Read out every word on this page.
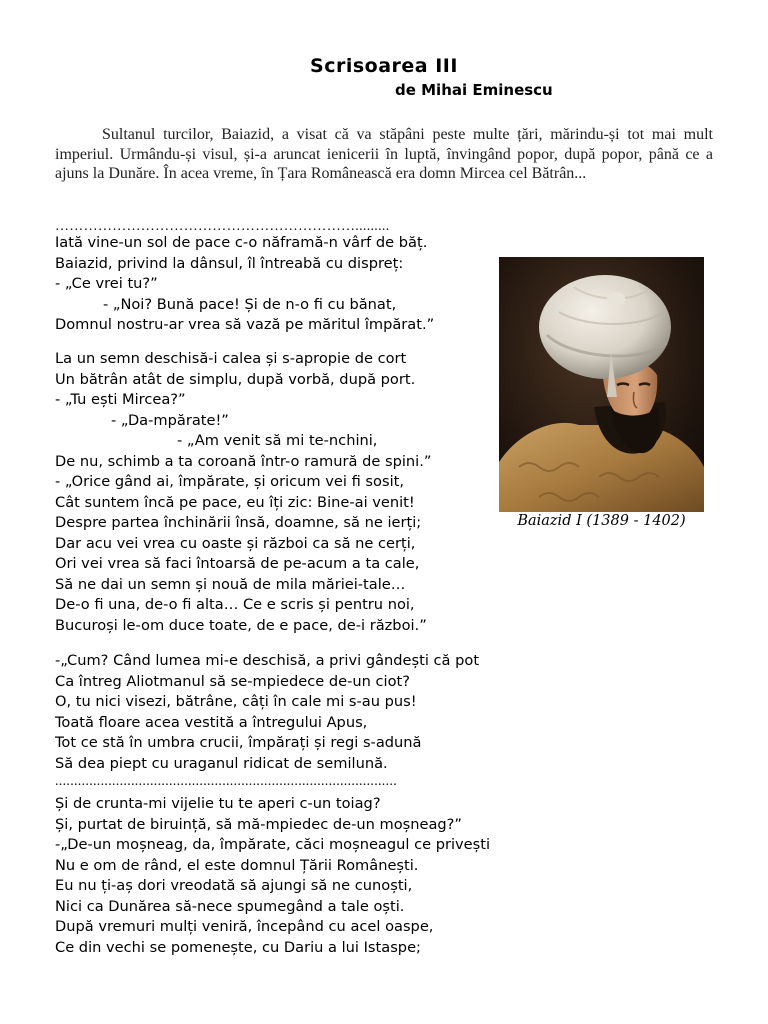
Scrisoarea III
de Mihai Eminescu

Sultanul turcilor, Baiazid, a visat că va stăpâni peste multe țări, mărindu-și tot mai mult imperiul. Urmându-și visul, și-a aruncat ienicerii în luptă, învingând popor, după popor, până ce a ajuns la Dunăre. În acea vreme, în Țara Românească era domn Mircea cel Bătrân...

……………………………………………………….........
Iată vine-un sol de pace c-o năframă-n vârf de băț.
Baiazid, privind la dânsul, îl întreabă cu dispreț:
- „Ce vrei tu?”
- „Noi? Bună pace! Și de n-o fi cu bănat,
Domnul nostru-ar vrea să vază pe măritul împărat.”
La un semn deschisă-i calea și s-apropie de cort
Un bătrân atât de simplu, după vorbă, după port.
- „Tu ești Mircea?”
- „Da-mpărate!”
- „Am venit să mi te-nchini,
De nu, schimb a ta coroană într-o ramură de spini.”
- „Orice gând ai, împărate, și oricum vei fi sosit,
Cât suntem încă pe pace, eu îți zic: Bine-ai venit!
Despre partea închinării însă, doamne, să ne ierți;
Dar acu vei vrea cu oaste și război ca să ne cerți,
Ori vei vrea să faci întoarsă de pe-acum a ta cale,
Să ne dai un semn și nouă de mila măriei-tale…
De-o fi una, de-o fi alta… Ce e scris și pentru noi,
Bucuroși le-om duce toate, de e pace, de-i război.”
-„Cum? Când lumea mi-e deschisă, a privi gândești că pot
Ca întreg Aliotmanul să se-mpiedece de-un ciot?
O, tu nici visezi, bătrâne, câți în cale mi s-au pus!
Toată floare acea vestită a întregului Apus,
Tot ce stă în umbra crucii, împărați și regi s-adună
Să dea piept cu uraganul ridicat de semilună.
..........................................................................................
Și de crunta-mi vijelie tu te aperi c-un toiag?
Și, purtat de biruință, să mă-mpiedec de-un moșneag?”
-„De-un moșneag, da, împărate, căci moșneagul ce privești
Nu e om de rând, el este domnul Țării Românești.
Eu nu ți-aș dori vreodată să ajungi să ne cunoști,
Nici ca Dunărea să-nece spumegând a tale oști.
După vremuri mulți veniră, începând cu acel oaspe,
Ce din vechi se pomenește, cu Dariu a lui Istaspe;
Baiazid I (1389 - 1402)
